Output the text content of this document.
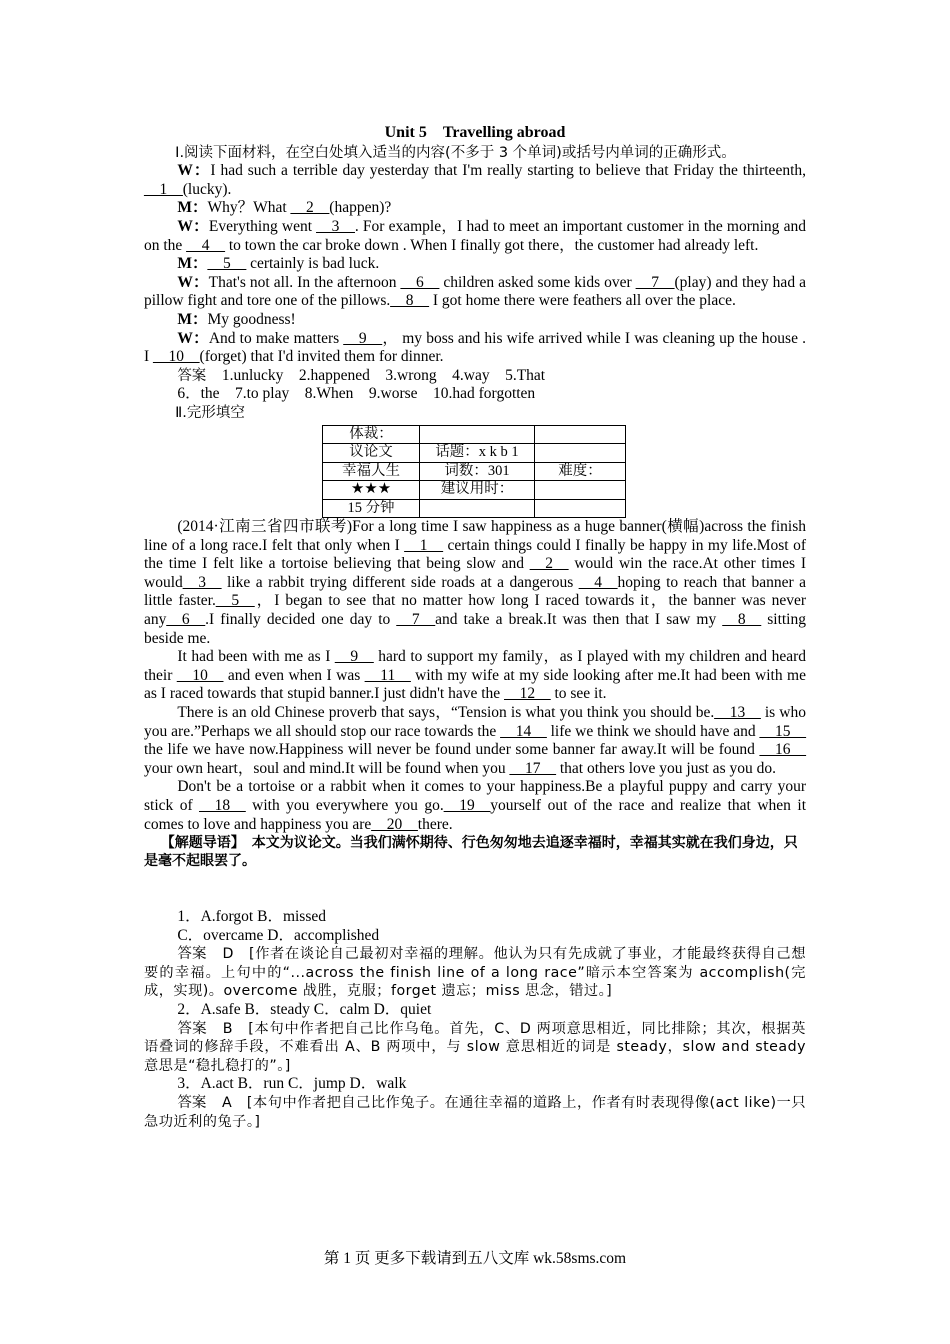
Unit 5　Travelling abroad

Ⅰ.阅读下面材料，在空白处填入适当的内容(不多于 3 个单词)或括号内单词的正确形式。

W：I had such a terrible day yesterday that I'm really starting to believe that Friday the thirteenth, __1__(lucky).

M：Why？What __2__(happen)?

W：Everything went __3__. For example，I had to meet an important customer in the morning and on the __4__ to town the car broke down . When I finally got there，the customer had already left.

M：__5__ certainly is bad luck.

W：That's not all. In the afternoon __6__ children asked some kids over __7__(play) and they had a pillow fight and tore one of the pillows.__8__ I got home there were feathers all over the place.

M：My goodness!

W：And to make matters __9__， my boss and his wife arrived while I was cleaning up the house . I __10__(forget) that I'd invited them for dinner.

答案　 1.unlucky　2.happened　3.wrong　4.way　5.That

6．the　7.to play　8.When　9.worse　10.had forgotten

Ⅱ.完形填空

体裁：		
议论文	话题：x k b 1	
幸福人生	词数：301	难度：
★★★	建议用时：	
15 分钟		

(2014·江南三省四市联考)For a long time I saw happiness as a huge banner(横幅)across the finish line of a long race.I felt that only when I __1__ certain things could I finally be happy in my life.Most of the time I felt like a tortoise believing that being slow and __2__ would win the race.At other times I would__3__ like a rabbit trying different side roads at a dangerous __4__hoping to reach that banner a little faster.__5__，I began to see that no matter how long I raced towards it，the banner was never any__6__.I finally decided one day to __7__and take a break.It was then that I saw my __8__ sitting beside me.

It had been with me as I __9__ hard to support my family，as I played with my children and heard their __10__ and even when I was __11__ with my wife at my side looking after me.It had been with me as I raced towards that stupid banner.I just didn't have the __12__ to see it.

There is an old Chinese proverb that says，“Tension is what you think you should be.__13__ is who you are.”Perhaps we all should stop our race towards the __14__ life we think we should have and __15__ the life we have now.Happiness will never be found under some banner far away.It will be found __16__ your own heart，soul and mind.It will be found when you __17__ that others love you just as you do.

Don't be a tortoise or a rabbit when it comes to your happiness.Be a playful puppy and carry your stick of __18__ with you everywhere you go.__19__yourself out of the race and realize that when it comes to love and happiness you are__20__there.

【解题导语】　本文为议论文。当我们满怀期待、行色匆匆地去追逐幸福时，幸福其实就在我们身边，只是毫不起眼罢了。

1．A.forgot B．missed

C．overcame D．accomplished

答案　 D　[作者在谈论自己最初对幸福的理解。他认为只有先成就了事业，才能最终获得自己想要的幸福。上句中的“...across the finish line of a long race”暗示本空答案为 accomplish(完成，实现)。overcome 战胜，克服；forget 遗忘；miss 思念，错过。]

2．A.safe B．steady C．calm D．quiet

答案　 B　[本句中作者把自己比作乌龟。首先，C、D 两项意思相近，同比排除；其次，根据英语叠词的修辞手段，不难看出 A、B 两项中，与 slow 意思相近的词是 steady，slow and steady 意思是“稳扎稳打的”。]

3．A.act B．run C．jump D．walk

答案　 A　[本句中作者把自己比作兔子。在通往幸福的道路上，作者有时表现得像(act like)一只急功近利的兔子。]

第 1 页 更多下载请到五八文库 wk.58sms.com
